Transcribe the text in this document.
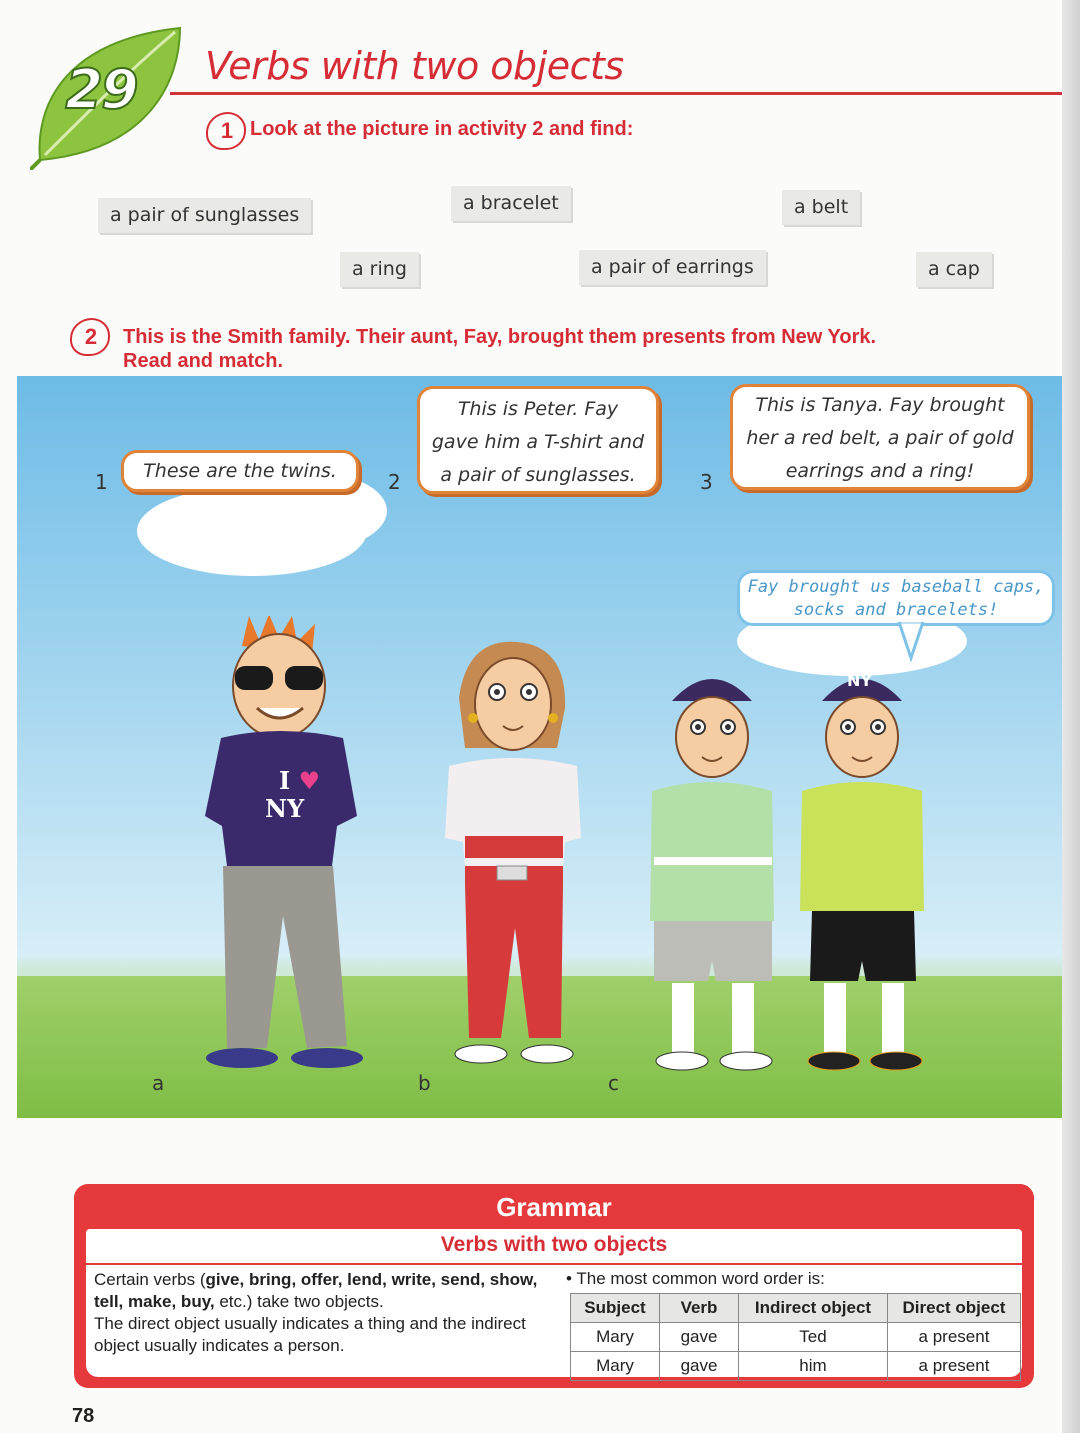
29	Verbs with two objects
1 Look at the picture in activity 2 and find:
a pair of sunglasses
a bracelet	a belt
a ring	a pair of earrings	a cap
2	This is the Smith family. Their aunt, Fay, brought them presents from New York.
Read and match.
1	These are the twins.	2
This is Peter. Fay
gave him a T-shirt and
a pair of sunglasses.	3
This is Tanya. Fay brought
her a red belt, a pair of gold
earrings and a ring!
Fay brought us baseball caps,
socks and bracelets!
I ♥
NY
NY
a	b	c
Grammar
Verbs with two objects
Certain verbs (give, bring, offer, lend, write, send, show, tell, make, buy, etc.) take two objects.
The direct object usually indicates a thing and the indirect object usually indicates a person.
• The most common word order is:
Subject	Verb	Indirect object	Direct object
Mary	gave	Ted	a present
Mary	gave	him	a present
78
